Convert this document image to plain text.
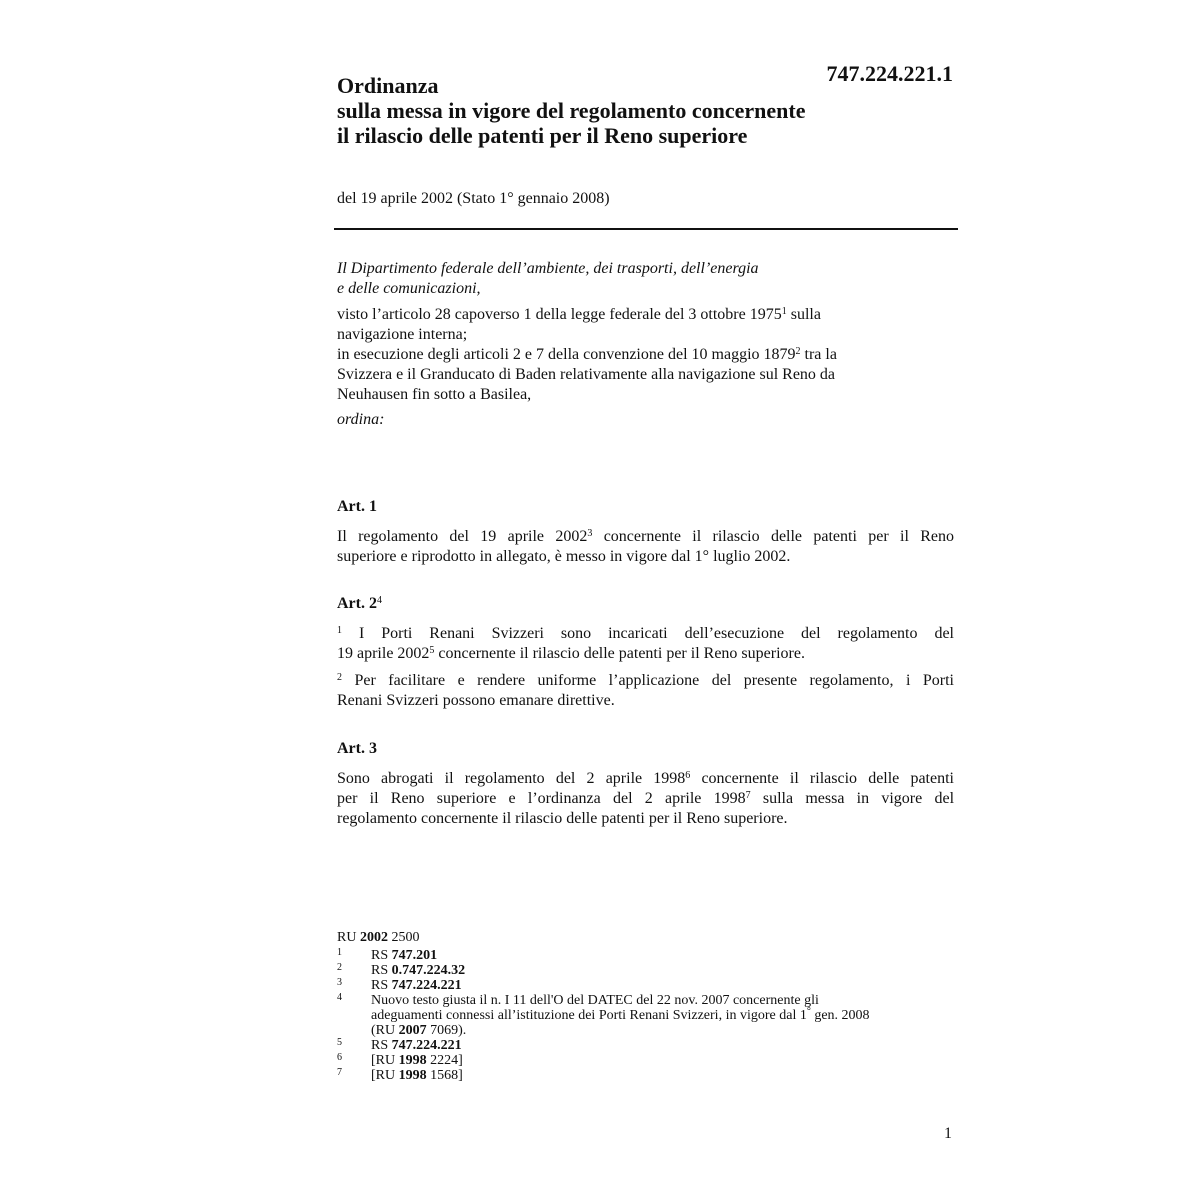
747.224.221.1
Ordinanza
sulla messa in vigore del regolamento concernente
il rilascio delle patenti per il Reno superiore
del 19 aprile 2002 (Stato 1° gennaio 2008)
Il Dipartimento federale dell’ambiente, dei trasporti, dell’energia
e delle comunicazioni,
visto l’articolo 28 capoverso 1 della legge federale del 3 ottobre 1975$^1$ sulla
navigazione interna;
in esecuzione degli articoli 2 e 7 della convenzione del 10 maggio 1879$^2$ tra la
Svizzera e il Granducato di Baden relativamente alla navigazione sul Reno da
Neuhausen fin sotto a Basilea,
ordina:
Art. 1
Il regolamento del 19 aprile 2002$^3$ concernente il rilascio delle patenti per il Reno
superiore e riprodotto in allegato, è messo in vigore dal 1° luglio 2002.
Art. $2^4$
$^1$ I Porti Renani Svizzeri sono incaricati dell’esecuzione del regolamento del
19 aprile 2002$^5$ concernente il rilascio delle patenti per il Reno superiore.
$^2$ Per facilitare e rendere uniforme l’applicazione del presente regolamento, i Porti
Renani Svizzeri possono emanare direttive.
Art. 3
Sono abrogati il regolamento del 2 aprile 1998$^6$ concernente il rilascio delle patenti
per il Reno superiore e l’ordinanza del 2 aprile 1998$^7$ sulla messa in vigore del
regolamento concernente il rilascio delle patenti per il Reno superiore.
RU 2002 2500
1 RS 747.201
2 RS 0.747.224.32
3 RS 747.224.221
4 Nuovo testo giusta il n. I 11 dell'O del DATEC del 22 nov. 2007 concernente gli
adeguamenti connessi all’istituzione dei Porti Renani Svizzeri, in vigore dal 1° gen. 2008
(RU 2007 7069).
5 RS 747.224.221
6 [RU 1998 2224]
7 [RU 1998 1568]
1
